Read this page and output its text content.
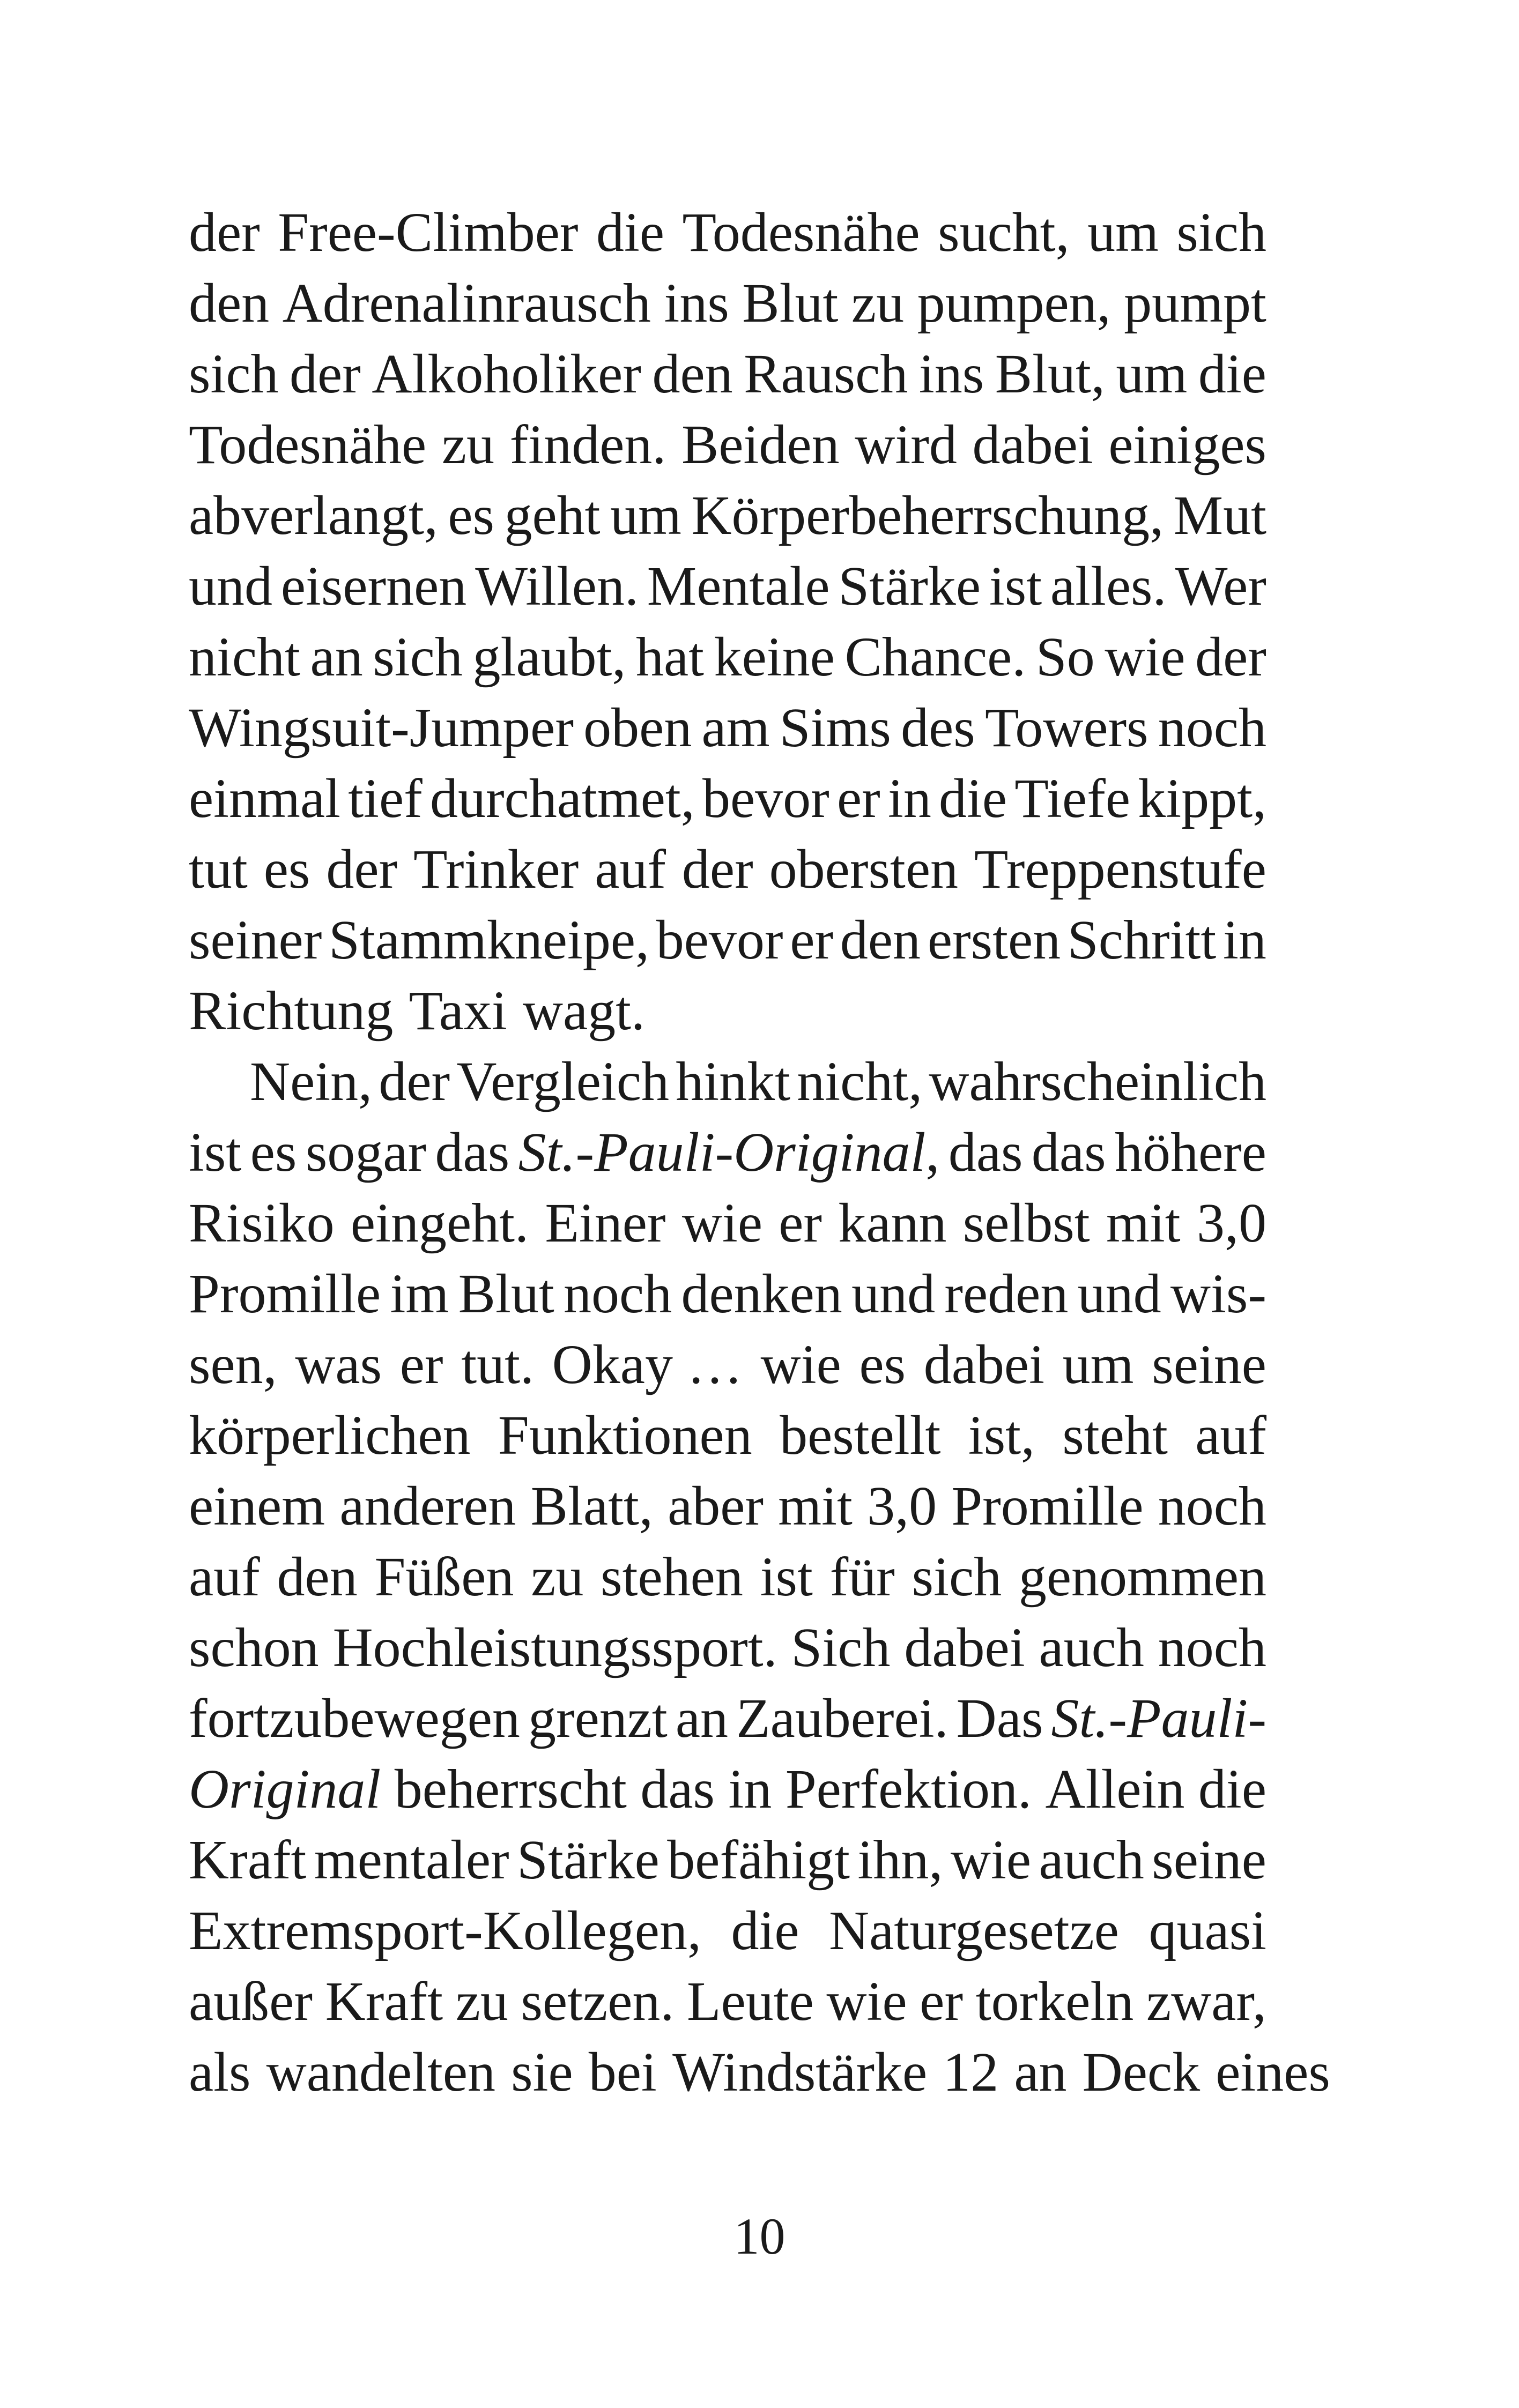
der Free-Climber die Todesnähe sucht, um sich
den Adrenalinrausch ins Blut zu pumpen, pumpt
sich der Alkoholiker den Rausch ins Blut, um die
Todesnähe zu finden. Beiden wird dabei einiges
abverlangt, es geht um Körperbeherrschung, Mut
und eisernen Willen. Mentale Stärke ist alles. Wer
nicht an sich glaubt, hat keine Chance. So wie der
Wingsuit-Jumper oben am Sims des Towers noch
einmal tief durchatmet, bevor er in die Tiefe kippt,
tut es der Trinker auf der obersten Treppenstufe
seiner Stammkneipe, bevor er den ersten Schritt in
Richtung Taxi wagt.
Nein, der Vergleich hinkt nicht, wahrscheinlich
ist es sogar das St.-Pauli-Original, das das höhere
Risiko eingeht. Einer wie er kann selbst mit 3,0
Promille im Blut noch denken und reden und wis-
sen, was er tut. Okay … wie es dabei um seine
körperlichen Funktionen bestellt ist, steht auf
einem anderen Blatt, aber mit 3,0 Promille noch
auf den Füßen zu stehen ist für sich genommen
schon Hochleistungssport. Sich dabei auch noch
fortzubewegen grenzt an Zauberei. Das St.-Pauli-
Original beherrscht das in Perfektion. Allein die
Kraft mentaler Stärke befähigt ihn, wie auch seine
Extremsport-Kollegen, die Naturgesetze quasi
außer Kraft zu setzen. Leute wie er torkeln zwar,
als wandelten sie bei Windstärke 12 an Deck eines
10
